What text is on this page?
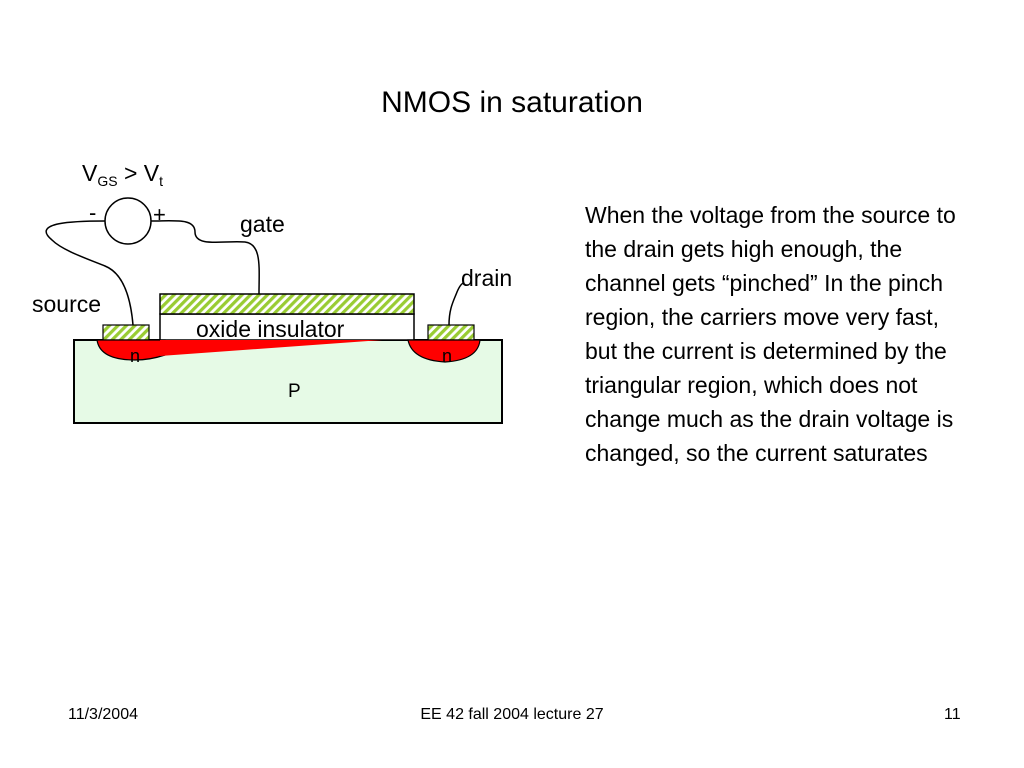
NMOS in saturation
$V_{GS} > V_t$
-	+	gate
drain
source
oxide insulator
n	n
P
When the voltage from the source to the drain gets high enough, the channel gets “pinched” In the pinch region, the carriers move very fast, but the current is determined by the triangular region, which does not change much as the drain voltage is changed, so the current saturates
11/3/2004	EE 42 fall 2004 lecture 27	11
